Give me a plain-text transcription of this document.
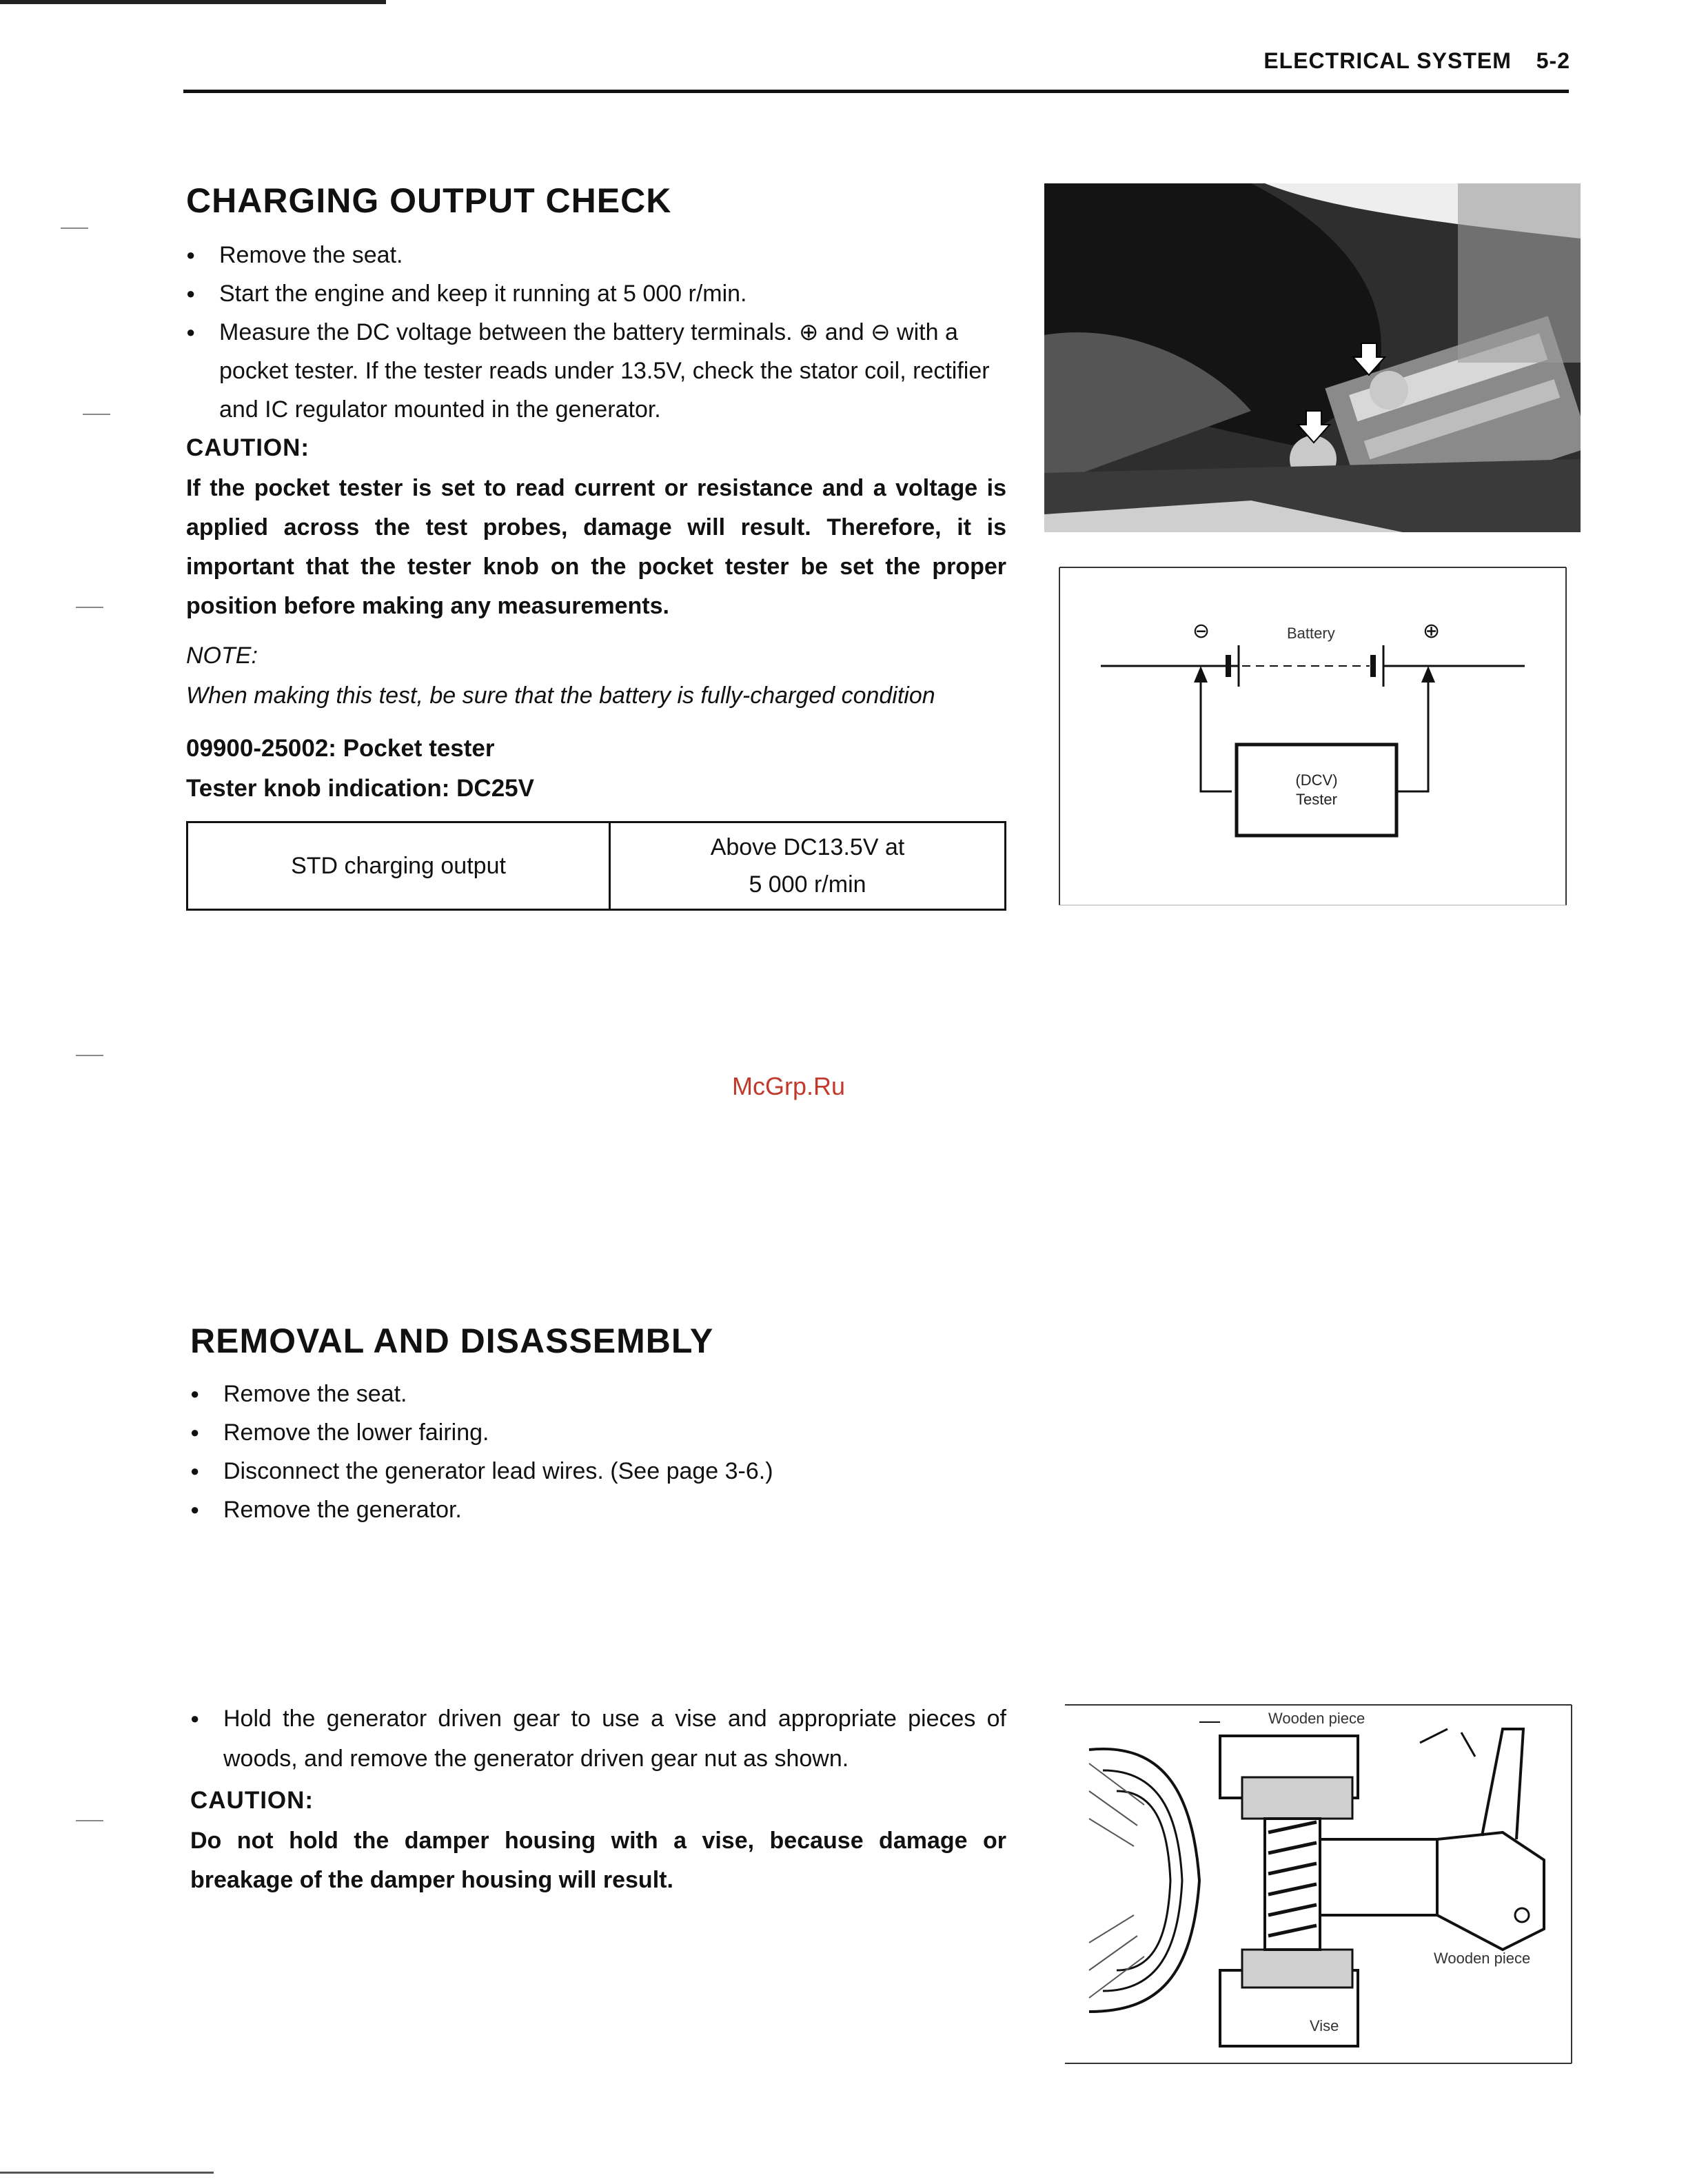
ELECTRICAL SYSTEM 5-2
CHARGING OUTPUT CHECK
● Remove the seat.
● Start the engine and keep it running at 5 000 r/min.
● Measure the DC voltage between the battery terminals. ⊕ and ⊖ with a pocket tester. If the tester reads under 13.5V, check the stator coil, rectifier and IC regulator mounted in the generator.
CAUTION:
If the pocket tester is set to read current or resistance and a voltage is applied across the test probes, damage will result. Therefore, it is important that the tester knob on the pocket tester be set the proper position before making any measurements.
NOTE:
When making this test, be sure that the battery is fully-charged condition
09900-25002: Pocket tester
Tester knob indication: DC25V
STD charging output	
Above DC13.5V at
5 000 r/min
⊖	⊕
Battery
(DCV)
Tester
McGrp.Ru
REMOVAL AND DISASSEMBLY
● Remove the seat.
● Remove the lower fairing.
● Disconnect the generator lead wires. (See page 3-6.)
● Remove the generator.
● Hold the generator driven gear to use a vise and appropriate pieces of woods, and remove the generator driven gear nut as shown.
CAUTION:
Do not hold the damper housing with a vise, because damage or breakage of the damper housing will result.
Wooden piece
Wooden piece
Vise
